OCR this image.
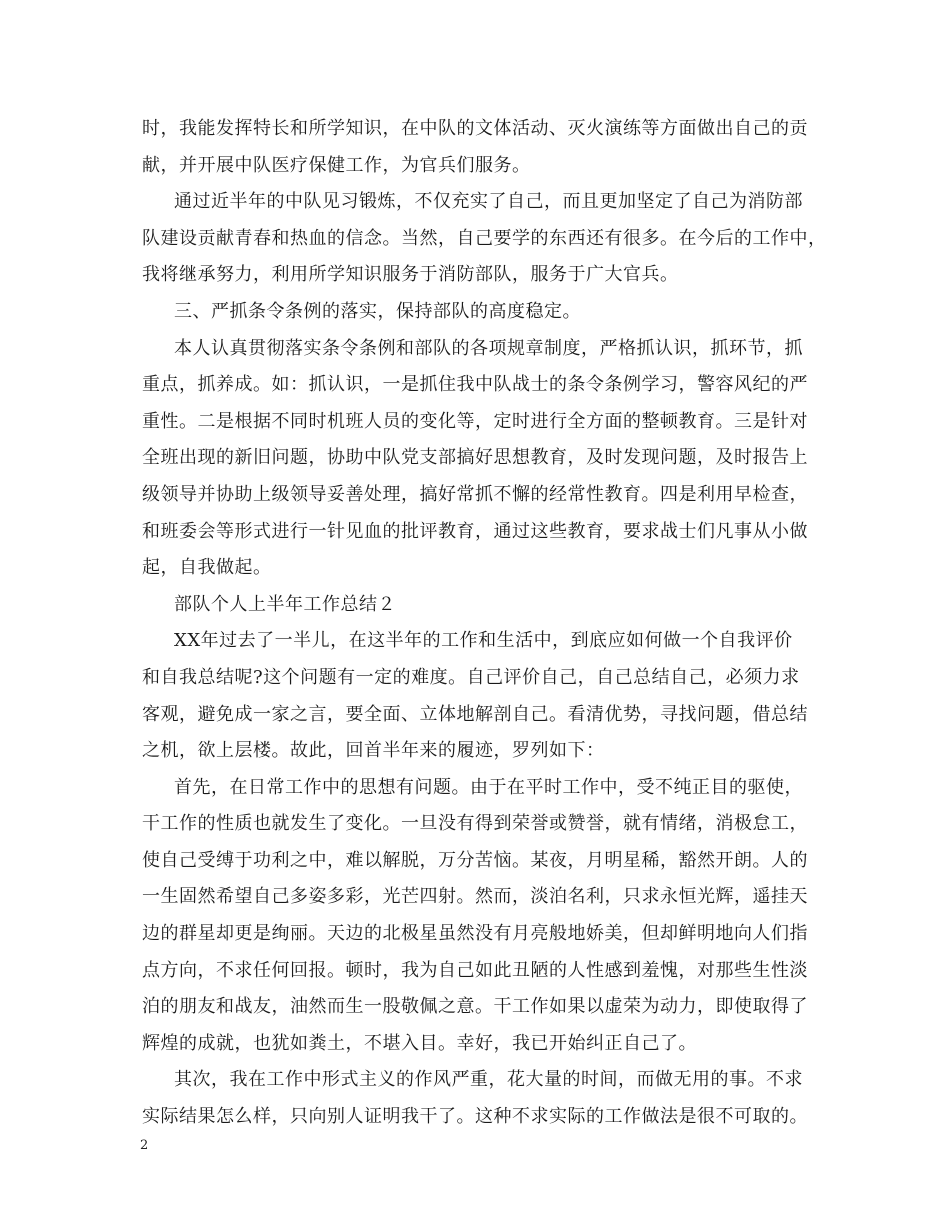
时，我能发挥特长和所学知识，在中队的文体活动、灭火演练等方面做出自己的贡
献，并开展中队医疗保健工作，为官兵们服务。
通过近半年的中队见习锻炼，不仅充实了自己，而且更加坚定了自己为消防部
队建设贡献青春和热血的信念。当然，自己要学的东西还有很多。在今后的工作中，
我将继承努力，利用所学知识服务于消防部队，服务于广大官兵。
三、严抓条令条例的落实，保持部队的高度稳定。
本人认真贯彻落实条令条例和部队的各项规章制度，严格抓认识，抓环节，抓
重点，抓养成。如：抓认识，一是抓住我中队战士的条令条例学习，警容风纪的严
重性。二是根据不同时机班人员的变化等，定时进行全方面的整顿教育。三是针对
全班出现的新旧问题，协助中队党支部搞好思想教育，及时发现问题，及时报告上
级领导并协助上级领导妥善处理，搞好常抓不懈的经常性教育。四是利用早检查，
和班委会等形式进行一针见血的批评教育，通过这些教育，要求战士们凡事从小做
起，自我做起。
部队个人上半年工作总结２
XX年过去了一半儿，在这半年的工作和生活中，到底应如何做一个自我评价
和自我总结呢?这个问题有一定的难度。自己评价自己，自己总结自己，必须力求
客观，避免成一家之言，要全面、立体地解剖自己。看清优势，寻找问题，借总结
之机，欲上层楼。故此，回首半年来的履迹，罗列如下：
首先，在日常工作中的思想有问题。由于在平时工作中，受不纯正目的驱使，
干工作的性质也就发生了变化。一旦没有得到荣誉或赞誉，就有情绪，消极怠工，
使自己受缚于功利之中，难以解脱，万分苦恼。某夜，月明星稀，豁然开朗。人的
一生固然希望自己多姿多彩，光芒四射。然而，淡泊名利，只求永恒光辉，遥挂天
边的群星却更是绚丽。天边的北极星虽然没有月亮般地娇美，但却鲜明地向人们指
点方向，不求任何回报。顿时，我为自己如此丑陋的人性感到羞愧，对那些生性淡
泊的朋友和战友，油然而生一股敬佩之意。干工作如果以虚荣为动力，即使取得了
辉煌的成就，也犹如粪土，不堪入目。幸好，我已开始纠正自己了。
其次，我在工作中形式主义的作风严重，花大量的时间，而做无用的事。不求
实际结果怎么样，只向别人证明我干了。这种不求实际的工作做法是很不可取的。
2
